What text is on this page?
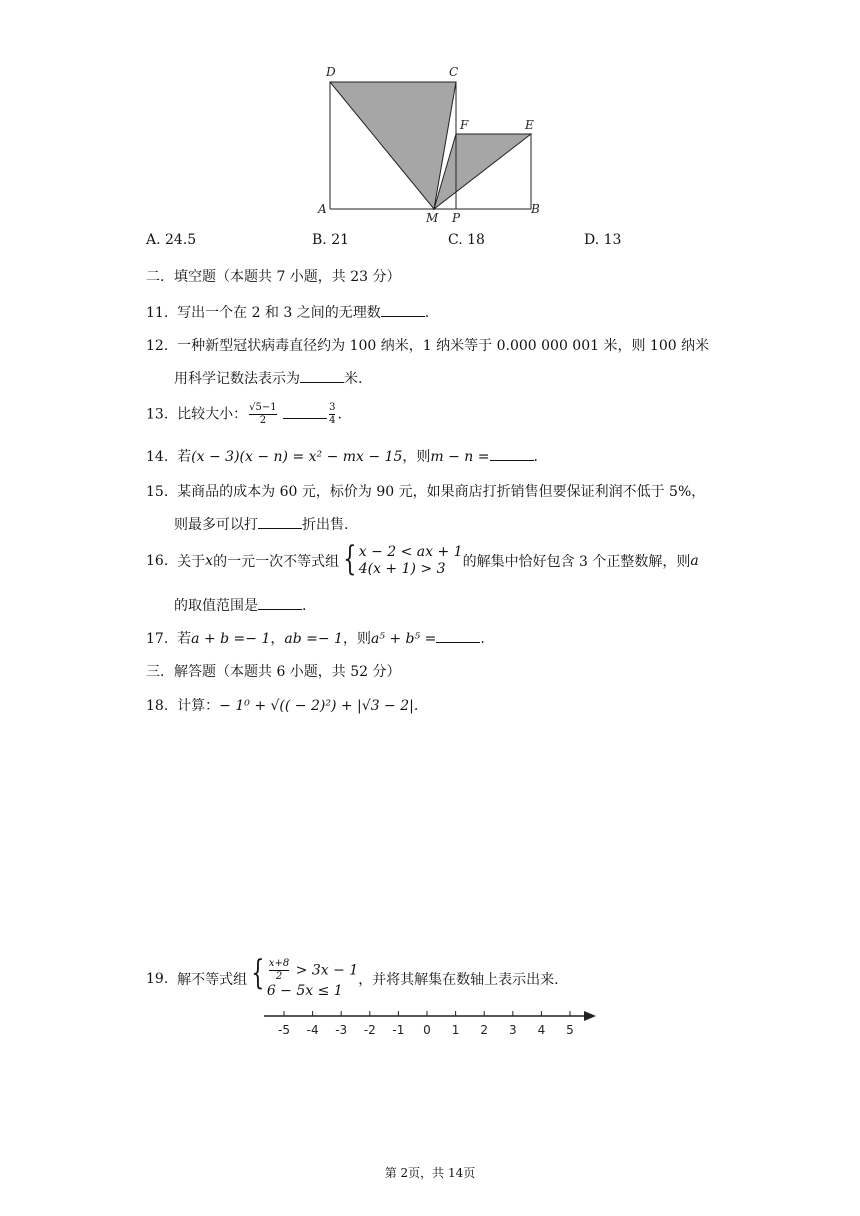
D	C
F	E
A
M P
B
A. 24.5	B. 21	C. 18	D. 13
二．填空题（本题共 7 小题，共 23 分）
11. 写出一个在 2 和 3 之间的无理数	.
12. 一种新型冠状病毒直径约为 100 纳米，1 纳米等于 0.000 000 001 米，则 100 纳米
用科学记数法表示为	米.
13. 比较大小： $\frac{√5-1}{2}$
	$\frac{3}{4}$ .
14. 若(x − 3)(x − n) = x² − mx − 15，则m − n =	.
15. 某商品的成本为 60 元，标价为 90 元，如果商店打折销售但要保证利润不低于 5%，
则最多可以打	折出售.
16. 关于x的一元一次不等式组 { x − 2 < ax + 1
4(x + 1) > 3	的解集中恰好包含 3 个正整数解，则a
的取值范围是	.
17. 若a + b =− 1，ab =− 1，则a⁵ + b⁵ =	.
三．解答题（本题共 6 小题，共 52 分）
18. 计算：− 1⁰ + √(( − 2)²) + |√3 − 2|.
19. 解不等式组 { $\frac{x+8}{2} > 3x - 1$
6 − 5x ≤ 1
，并将其解集在数轴上表示出来.
-5 -4 -3 -2 -1 0 1 2 3 4 5
第 2页，共 14页
